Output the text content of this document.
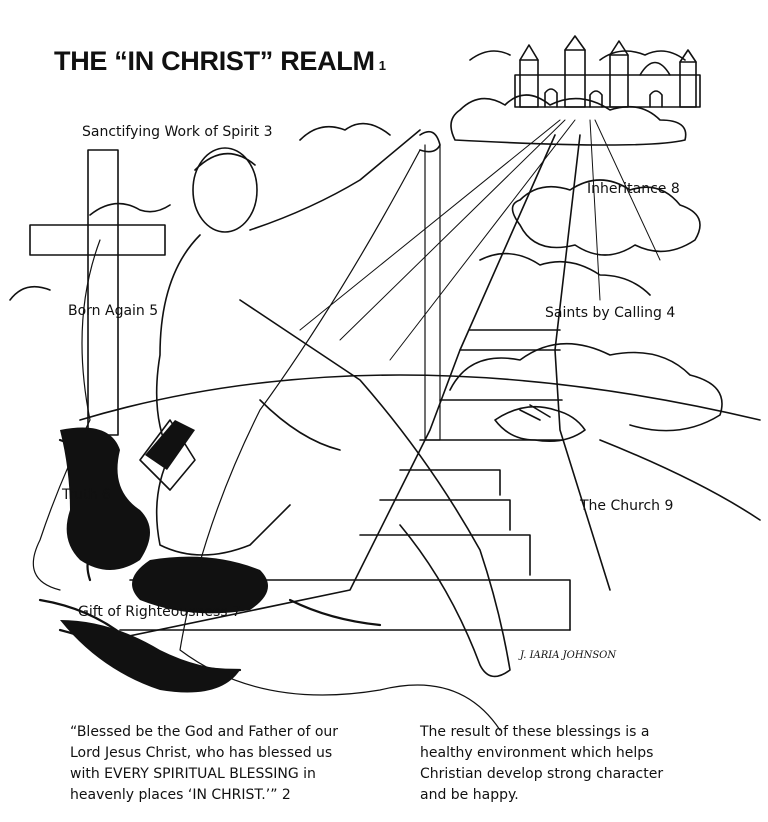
THE “IN CHRIST” REALM 1
Sanctifying Work of Spirit 3
Inheritance 8
Born Again 5	Saints by Calling 4
Truth 6
The Church 9
Gift of Righteousness 7
J. IARIA JOHNSON
“Blessed be the God and Father of our
Lord Jesus Christ, who has blessed us
with EVERY SPIRITUAL BLESSING in
heavenly places ‘IN CHRIST.’” 2
The result of these blessings is a
healthy environment which helps
Christian develop strong character
and be happy.
